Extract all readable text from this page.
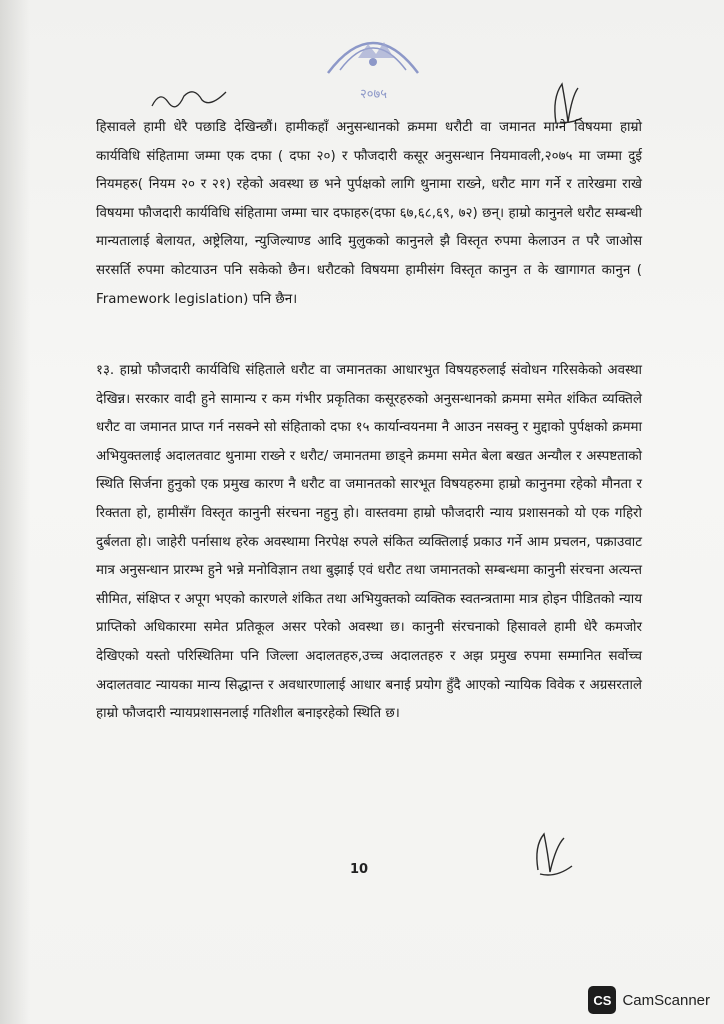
२०७५
हिसावले हामी धेरै पछाडि देखिन्छौं। हामीकहाँ अनुसन्धानको क्रममा धरौटी वा जमानत माग्ने विषयमा हाम्रो कार्यविधि संहितामा जम्मा एक दफा ( दफा २०) र फौजदारी कसूर अनुसन्धान नियमावली,२०७५ मा जम्मा दुई नियमहरु( नियम २० र २१) रहेको अवस्था छ भने पुर्पक्षको लागि थुनामा राख्ने, धरौट माग गर्ने र तारेखमा राखे विषयमा फौजदारी कार्यविधि संहितामा जम्मा चार दफाहरु(दफा ६७,६८,६९, ७२) छन्। हाम्रो कानुनले धरौट सम्बन्धी मान्यतालाई बेलायत, अष्ट्रेलिया, न्युजिल्याण्ड आदि मुलुकको कानुनले झै विस्तृत रुपमा केलाउन त परै जाओस सरसर्ति रुपमा कोटयाउन पनि सकेको छैन। धरौटको विषयमा हामीसंग विस्तृत कानुन त के खागागत कानुन ( Framework legislation) पनि छैन।
१३. हाम्रो फौजदारी कार्यविधि संहिताले धरौट वा जमानतका आधारभुत विषयहरुलाई संवोधन गरिसकेको अवस्था देखिन्न। सरकार वादी हुने सामान्य र कम गंभीर प्रकृतिका कसूरहरुको अनुसन्धानको क्रममा समेत शंकित व्यक्तिले धरौट वा जमानत प्राप्त गर्न नसक्ने सो संहिताको दफा १५ कार्यान्वयनमा नै आउन नसक्नु र मुद्दाको पुर्पक्षको क्रममा अभियुक्तलाई अदालतवाट थुनामा राख्ने र धरौट/ जमानतमा छाड्ने क्रममा समेत बेला बखत अन्यौल र अस्पष्टताको स्थिति सिर्जना हुनुको एक प्रमुख कारण नै धरौट वा जमानतको सारभूत विषयहरुमा हाम्रो कानुनमा रहेको मौनता र रिक्तता हो, हामीसँग विस्तृत कानुनी संरचना नहुनु हो। वास्तवमा हाम्रो फौजदारी न्याय प्रशासनको यो एक गहिरो दुर्बलता हो। जाहेरी पर्नासाथ हरेक अवस्थामा निरपेक्ष रुपले संकित व्यक्तिलाई प्रकाउ गर्ने आम प्रचलन, पक्राउवाट मात्र अनुसन्धान प्रारम्भ हुने भन्ने मनोविज्ञान तथा बुझाई एवं धरौट तथा जमानतको सम्बन्धमा कानुनी संरचना अत्यन्त सीमित, संक्षिप्त र अपूग भएको कारणले शंकित तथा अभियुक्तको व्यक्तिक स्वतन्त्रतामा मात्र होइन पीडितको न्याय प्राप्तिको अधिकारमा समेत प्रतिकूल असर परेको अवस्था छ। कानुनी संरचनाको हिसावले हामी धेरै कमजोर देखिएको यस्तो परिस्थितिमा पनि जिल्ला अदालतहरु,उच्च अदालतहरु र अझ प्रमुख रुपमा सम्मानित सर्वोच्च अदालतवाट न्यायका मान्य सिद्धान्त र अवधारणालाई आधार बनाई प्रयोग हुँदै आएको न्यायिक विवेक र अग्रसरताले हाम्रो फौजदारी न्यायप्रशासनलाई गतिशील बनाइरहेको स्थिति छ।
10
CS CamScanner
